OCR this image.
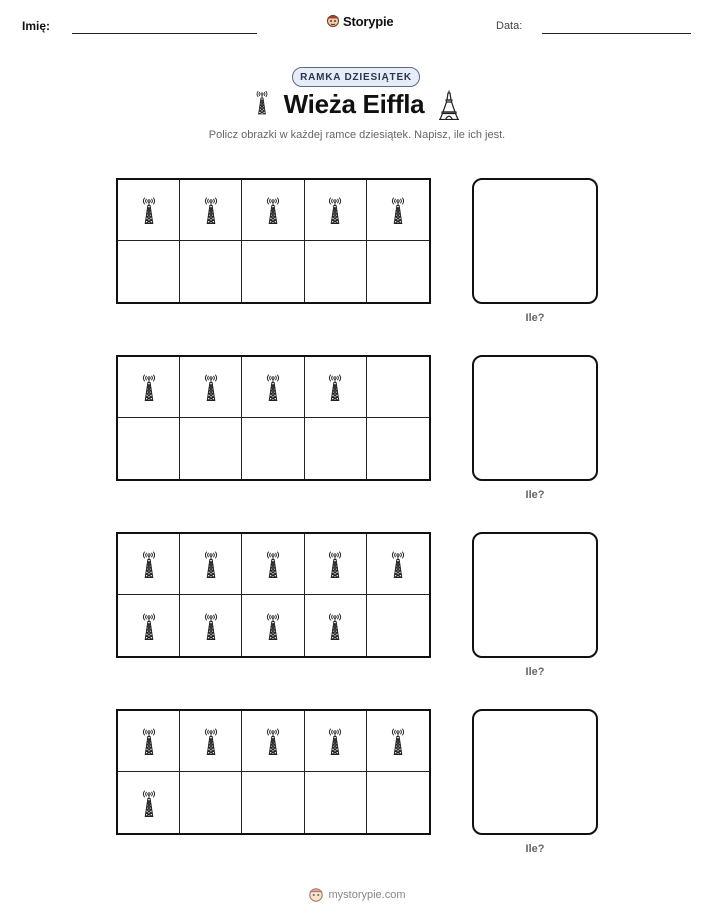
Imię:	Storypie	Data:
RAMKA DZIESIĄTEK
Wieża Eiffla
Policz obrazki w każdej ramce dziesiątek. Napisz, ile ich jest.
Ile?
Ile?
Ile?
Ile?
mystorypie.com
